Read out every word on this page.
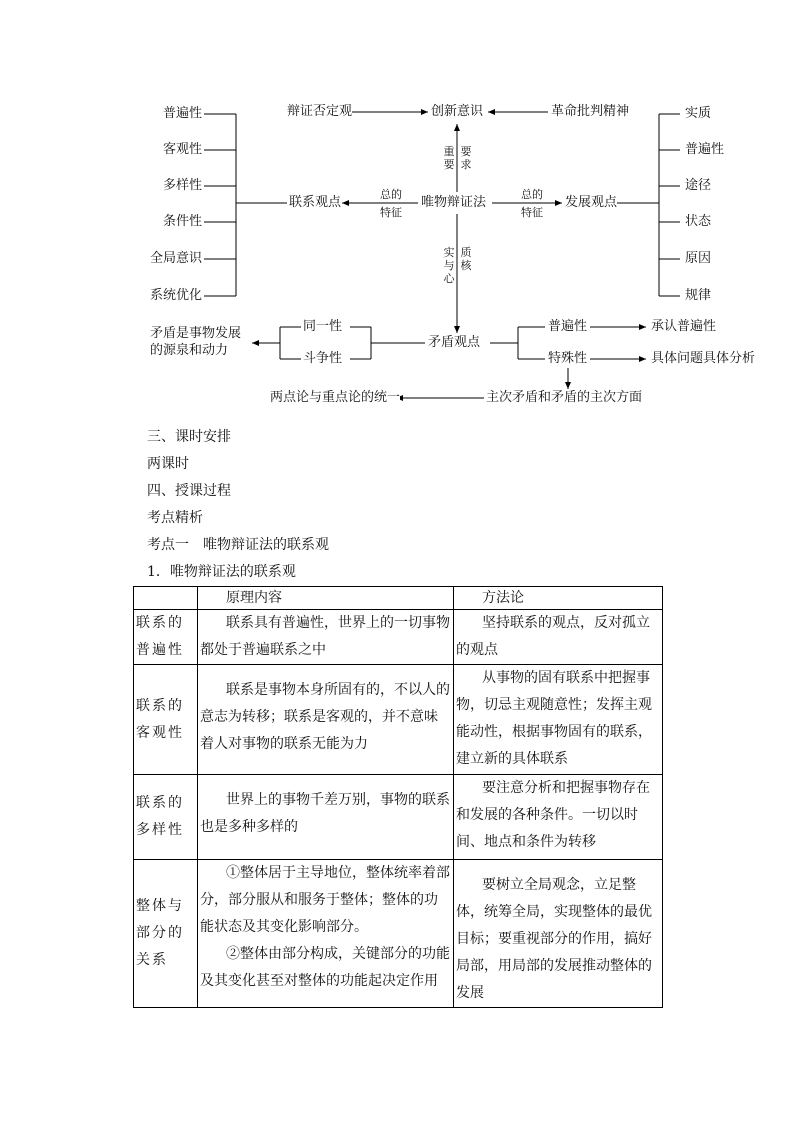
辩证否定观	创新意识	革命批判精神
重要
要求
联系观点	唯物辩证法	发展观点
总的
特征
总的
特征
实与心
质核
普遍性
客观性
多样性
条件性
全局意识
系统优化
实质
普遍性
途径
状态
原因
规律
同一性
斗争性
矛盾是事物发展
的源泉和动力
矛盾观点
普遍性
特殊性
承认普遍性
具体问题具体分析
主次矛盾和矛盾的主次方面
两点论与重点论的统一
三、课时安排
两课时
四、授课过程
考点精析
考点一　唯物辩证法的联系观
1．唯物辩证法的联系观
	原理内容	方法论
联系的普遍性	联系具有普遍性，世界上的一切事物都处于普遍联系之中	坚持联系的观点，反对孤立的观点

联系的客观性	联系是事物本身所固有的，不以人的意志为转移；联系是客观的，并不意味着人对事物的联系无能为力	从事物的固有联系中把握事物，切忌主观随意性；发挥主观能动性，根据事物固有的联系，建立新的具体联系

联系的多样性	世界上的事物千差万别，事物的联系也是多种多样的	要注意分析和把握事物存在和发展的各种条件。一切以时间、地点和条件为转移

整体与部分的关系	①整体居于主导地位，整体统率着部分，部分服从和服务于整体；整体的功能状态及其变化影响部分。
②整体由部分构成，关键部分的功能及其变化甚至对整体的功能起决定作用	要树立全局观念，立足整体，统筹全局，实现整体的最优目标；要重视部分的作用，搞好局部，用局部的发展推动整体的发展
